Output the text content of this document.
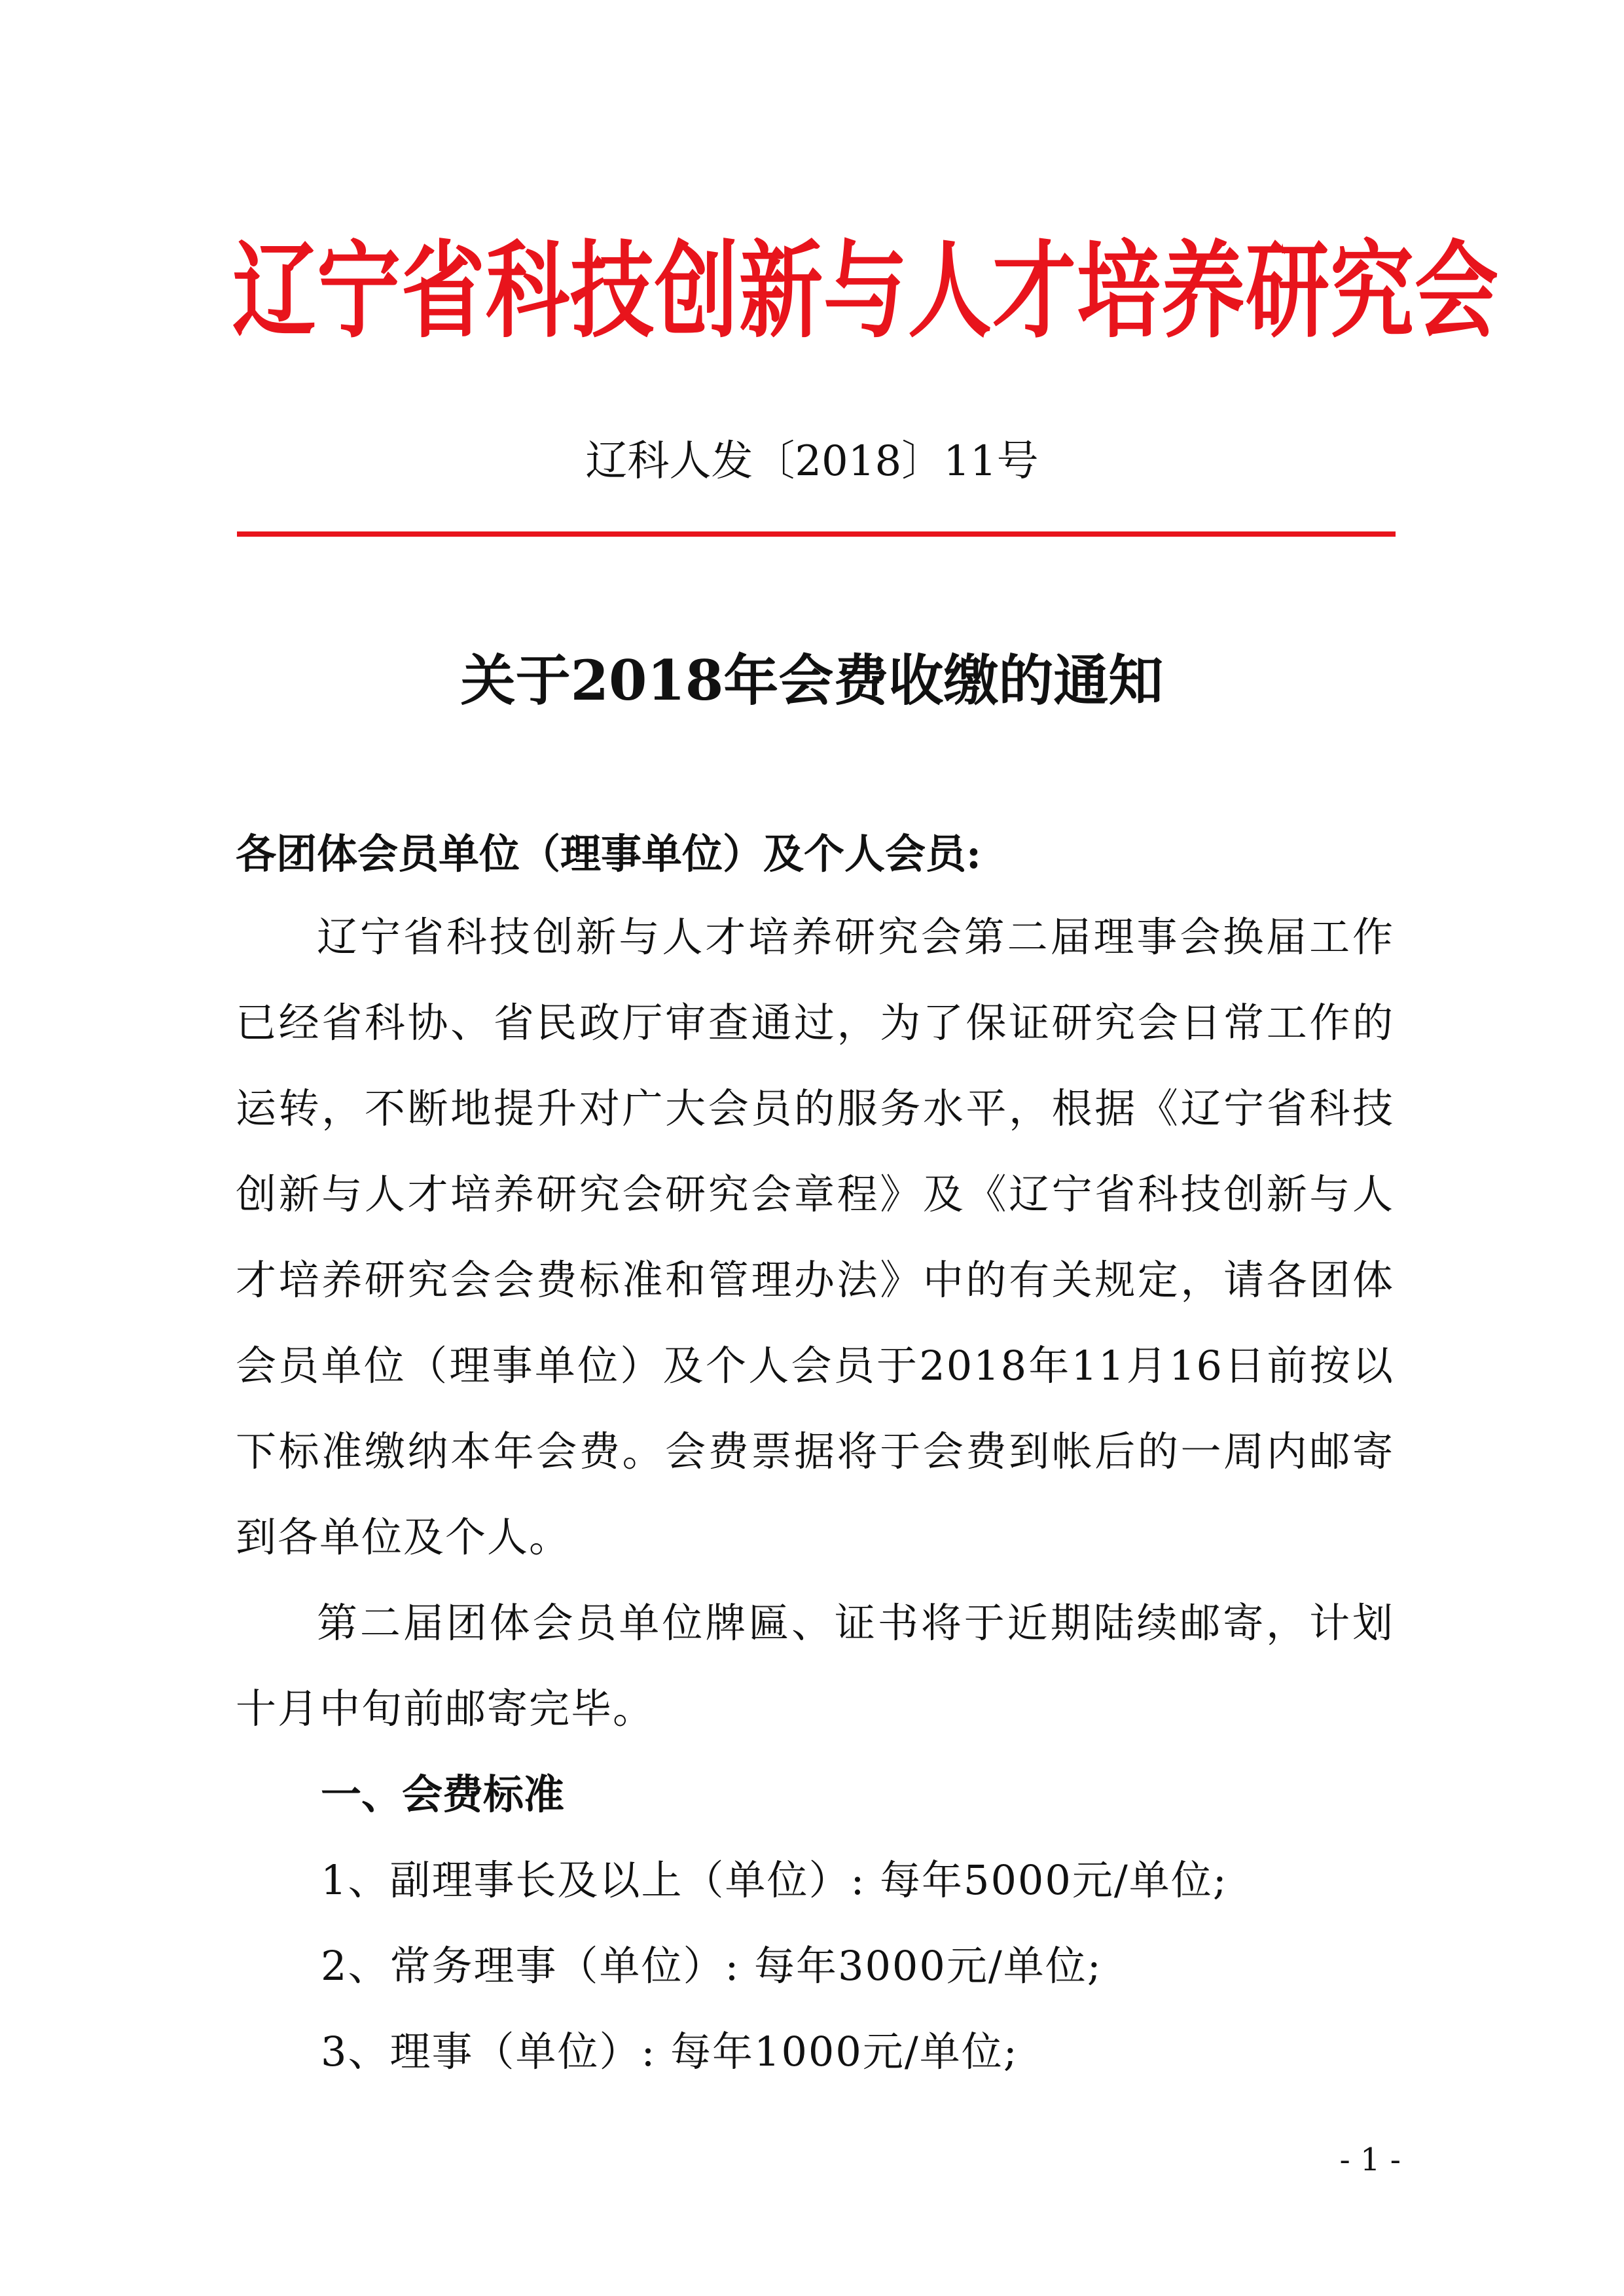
辽宁省科技创新与人才培养研究会
辽科人发〔2018〕11号
关于2018年会费收缴的通知
各团体会员单位（理事单位）及个人会员:
辽宁省科技创新与人才培养研究会第二届理事会换届工作已经省科协、省民政厅审查通过，为了保证研究会日常工作的运转，不断地提升对广大会员的服务水平，根据《辽宁省科技创新与人才培养研究会研究会章程》及《辽宁省科技创新与人才培养研究会会费标准和管理办法》中的有关规定，请各团体会员单位（理事单位）及个人会员于2018年11月16日前按以下标准缴纳本年会费。会费票据将于会费到帐后的一周内邮寄到各单位及个人。
第二届团体会员单位牌匾、证书将于近期陆续邮寄，计划十月中旬前邮寄完毕。
一、会费标准
1、副理事长及以上（单位）: 每年5000元/单位;
2、常务理事（单位）: 每年3000元/单位;
3、理事（单位）: 每年1000元/单位;
- 1 -
